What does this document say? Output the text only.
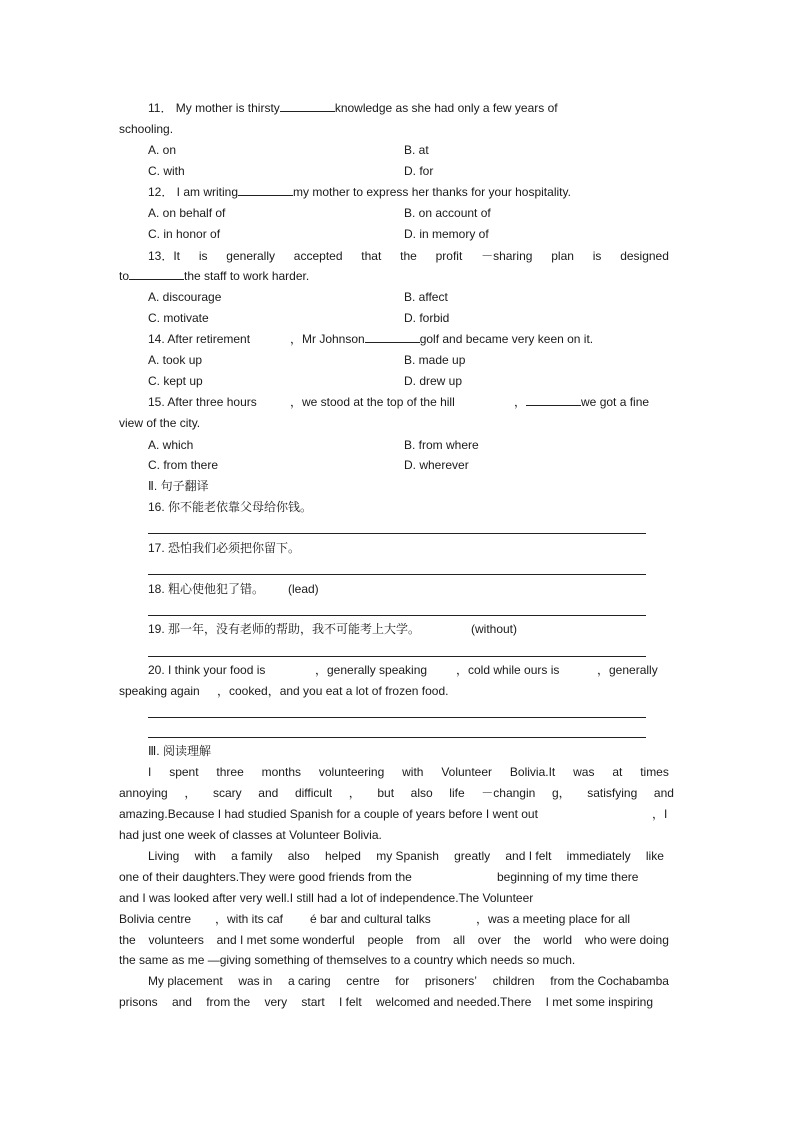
11． My mother is thirsty	knowledge as she had only a few years of
schooling.
A. on	B. at
C. with	D. for
12． I am writing	my mother to express her thanks for your hospitality.
A. on behalf of	B. on account of
C. in honor of	D. in memory of
13．It is generally accepted that the profit －sharing plan is designed
to	the staff to work harder.
A. discourage	B. affect
C. motivate	D. forbid
14. After retirement	，Mr Johnson	golf and became very keen on it.
A. took up	B. made up
C. kept up	D. drew up
15. After three hours	，we stood at the top of the hill	，	we got a fine
view of the city.
A. which	B. from where
C. from there	D. wherever
Ⅱ. 句子翻译
16. 你不能老依靠父母给你钱。
17. 恐怕我们必须把你留下。
18. 粗心使他犯了错。 (lead)
19. 那一年，没有老师的帮助，我不可能考上大学。	(without)
20. I think your food is	，generally speaking ，cold while ours is	，generally
speaking again ，cooked，and you eat a lot of frozen food.
Ⅲ. 阅读理解
I spent three months volunteering with Volunteer Bolivia.It was at times
annoying ， scary and difficult ， but also life －changin g， satisfying and
amazing.Because I had studied Spanish for a couple of years before I went out	，I
had just one week of classes at Volunteer Bolivia.
Living with a family also helped my Spanish greatly and I felt immediately like
one of their daughters.They were good friends from the	beginning of my time there
and I was looked after very well.I still had a lot of independence.The Volunteer
Bolivia centre ，with its caf é bar and cultural talks	，was a meeting place for all
the volunteers and I met some wonderful people from all over the world who were doing
the same as me —giving something of themselves to a country which needs so much.
My placement was in a caring centre for prisoners’ children from the Cochabamba
prisons and from the very start I felt welcomed and needed.There I met some inspiring
